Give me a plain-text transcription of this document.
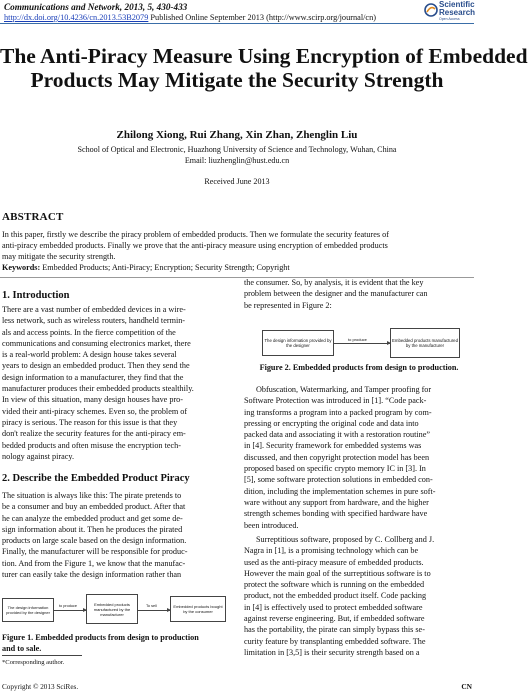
Communications and Network, 2013, 5, 430-433
http://dx.doi.org/10.4236/cn.2013.53B2079 Published Online September 2013 (http://www.scirp.org/journal/cn)
Scientific
Research
Open Access
The Anti-Piracy Measure Using Encryption of Embedded
Products May Mitigate the Security Strength
Zhilong Xiong, Rui Zhang, Xin Zhan, Zhenglin Liu
School of Optical and Electronic, Huazhong University of Science and Technology, Wuhan, China
Email: liuzhenglin@hust.edu.cn
Received June 2013
ABSTRACT
In this paper, firstly we describe the piracy problem of embedded products. Then we formulate the security features of
anti-piracy embedded products. Finally we prove that the anti-piracy measure using encryption of embedded products
may mitigate the security strength.
Keywords: Embedded Products; Anti-Piracy; Encryption; Security Strength; Copyright
1. Introduction
There are a vast number of embedded devices in a wire-
less network, such as wireless routers, handheld termin-
als and access points. In the fierce competition of the
communications and consuming electronics market, there
is a real-world problem: A design house takes several
years to design an embedded product. Then they send the
design information to a manufacturer, they find that the
manufacturer produces their embedded products stealthily.
In view of this situation, many design houses have pro-
vided their anti-piracy schemes. Even so, the problem of
piracy is serious. The reason for this issue is that they
don't realize the security features for the anti-piracy em-
bedded products and often misuse the encryption tech-
nology against piracy.
2. Describe the Embedded Product Piracy
The situation is always like this: The pirate pretends to
be a consumer and buy an embedded product. After that
he can analyze the embedded product and get some de-
sign information about it. Then he produces the pirated
products on large scale based on the design information.
Finally, the manufacturer will be responsible for produc-
tion. And from the Figure 1, we know that the manufac-
turer can easily take the design information rather than
The design information provided by the designer
to produce	Embedded products manufactured by the manufacturer
To sell	Embedded products bought by the consumer
Figure 1. Embedded products from design to production
and to sale.
*Corresponding author.
Copyright © 2013 SciRes.
the consumer. So, by analysis, it is evident that the key
problem between the designer and the manufacturer can
be represented in Figure 2:
The design information provided by the designer
to produce	Embedded products manufactured by the manufacturer
Figure 2. Embedded products from design to production.
Obfuscation, Watermarking, and Tamper proofing for
Software Protection was introduced in [1]. “Code pack-
ing transforms a program into a packed program by com-
pressing or encrypting the original code and data into
packed data and associating it with a restoration routine”
in [4]. Security framework for embedded systems was
discussed, and then copyright protection model has been
proposed based on specific crypto memory IC in [3]. In
[5], some software protection solutions in embedded con-
dition, including the implementation schemes in pure soft-
ware without any support from hardware, and the higher
strength schemes bonding with specified hardware have
been introduced.
Surreptitious software, proposed by C. Collberg and J.
Nagra in [1], is a promising technology which can be
used as the anti-piracy measure of embedded products.
However the main goal of the surreptitious software is to
protect the software which is running on the embedded
product, not the embedded product itself. Code packing
in [4] is effectively used to protect embedded software
against reverse engineering. But, if embedded software
has the portability, the pirate can simply bypass this se-
curity feature by transplanting embedded software. The
limitation in [3,5] is their security strength based on a
CN
